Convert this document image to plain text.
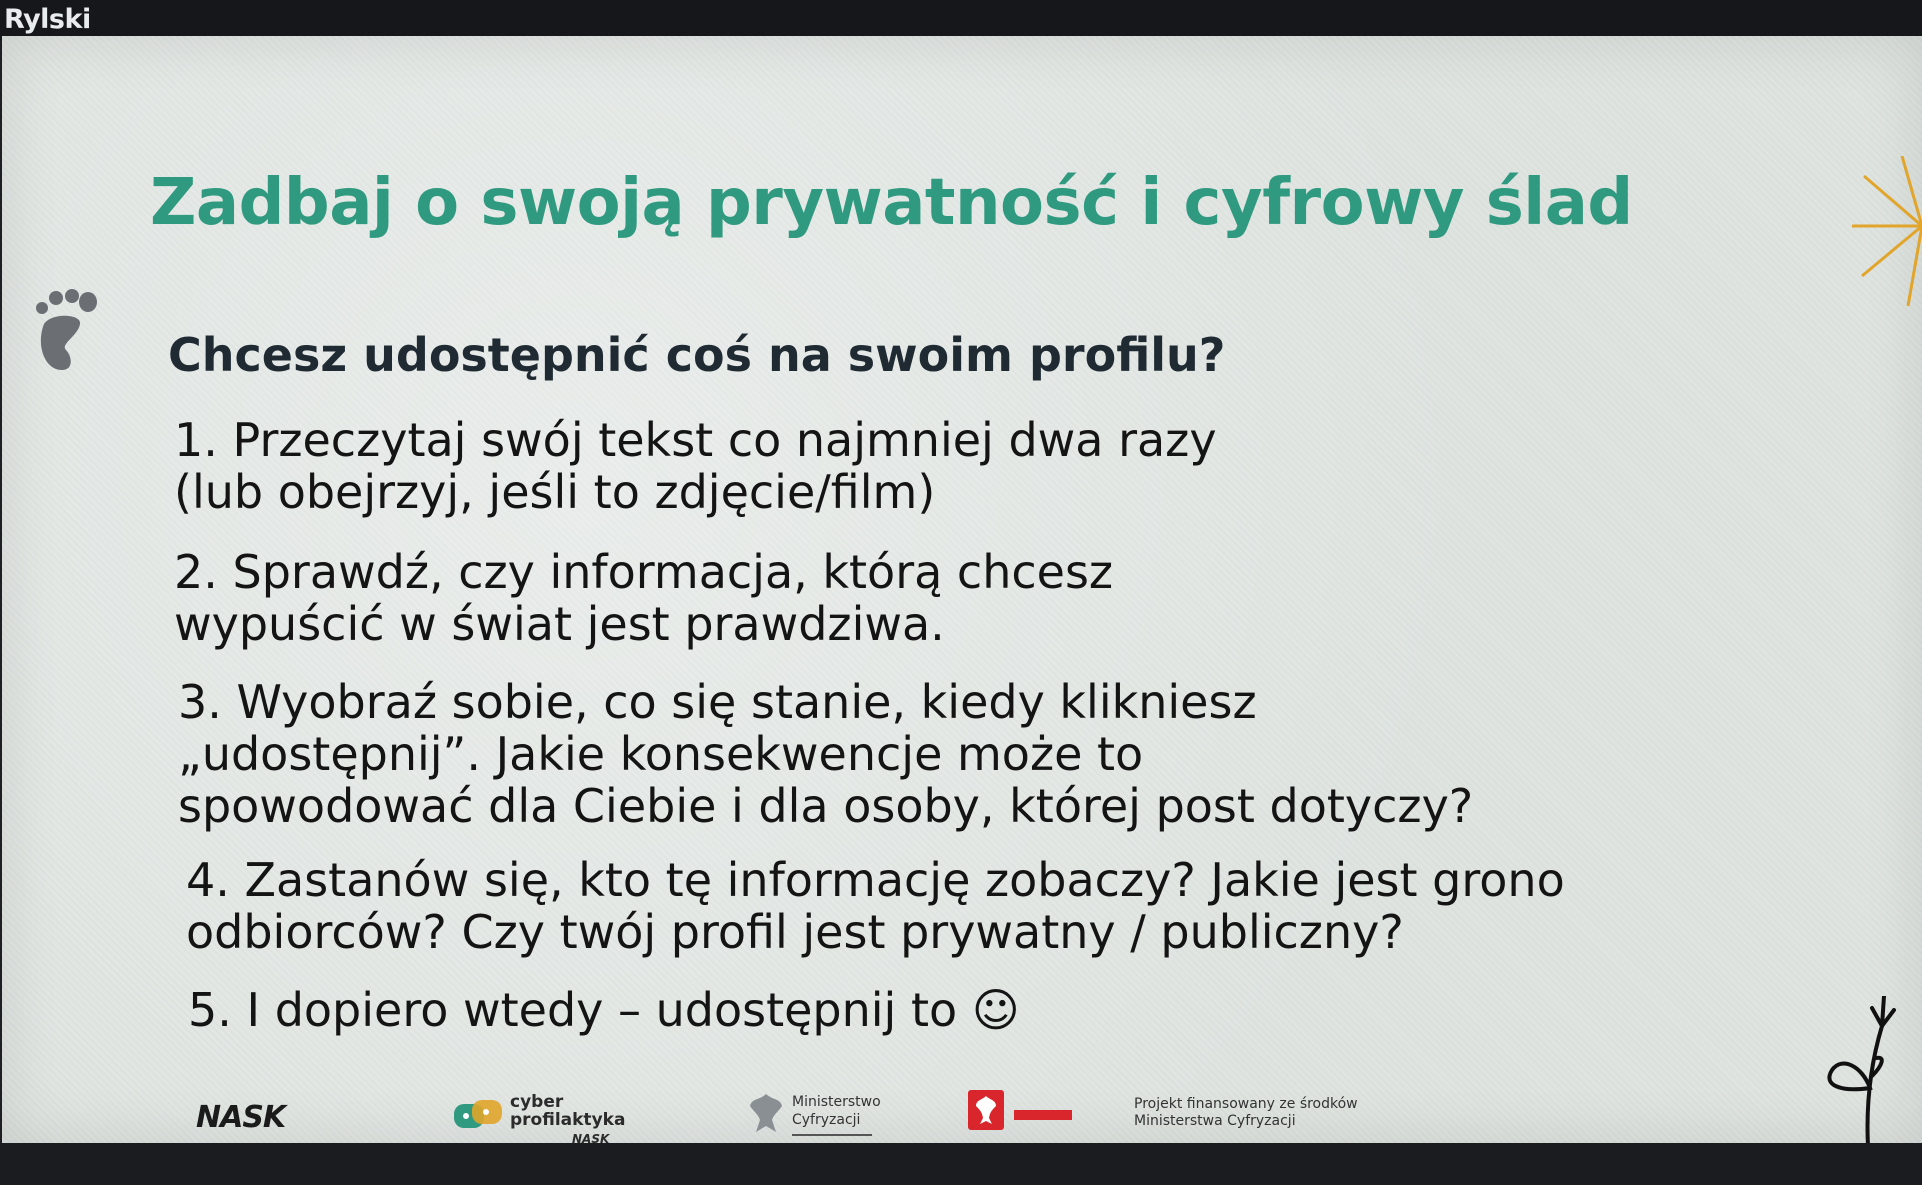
Rylski
Zadbaj o swoją prywatność i cyfrowy ślad
Chcesz udostępnić coś na swoim profilu?

1. Przeczytaj swój tekst co najmniej dwa razy
(lub obejrzyj, jeśli to zdjęcie/film)

2. Sprawdź, czy informacja, którą chcesz
wypuścić w świat jest prawdziwa.

3. Wyobraź sobie, co się stanie, kiedy klikniesz
„udostępnij”. Jakie konsekwencje może to
spowodować dla Ciebie i dla osoby, której post dotyczy?

4. Zastanów się, kto tę informację zobaczy? Jakie jest grono
odbiorców? Czy twój profil jest prywatny / publiczny?

5. I dopiero wtedy – udostępnij to ☺

NASK	cyber
profilaktyka
NASK
Ministerstwo
Cyfryzacji

Projekt finansowany ze środków
Ministerstwa Cyfryzacji
